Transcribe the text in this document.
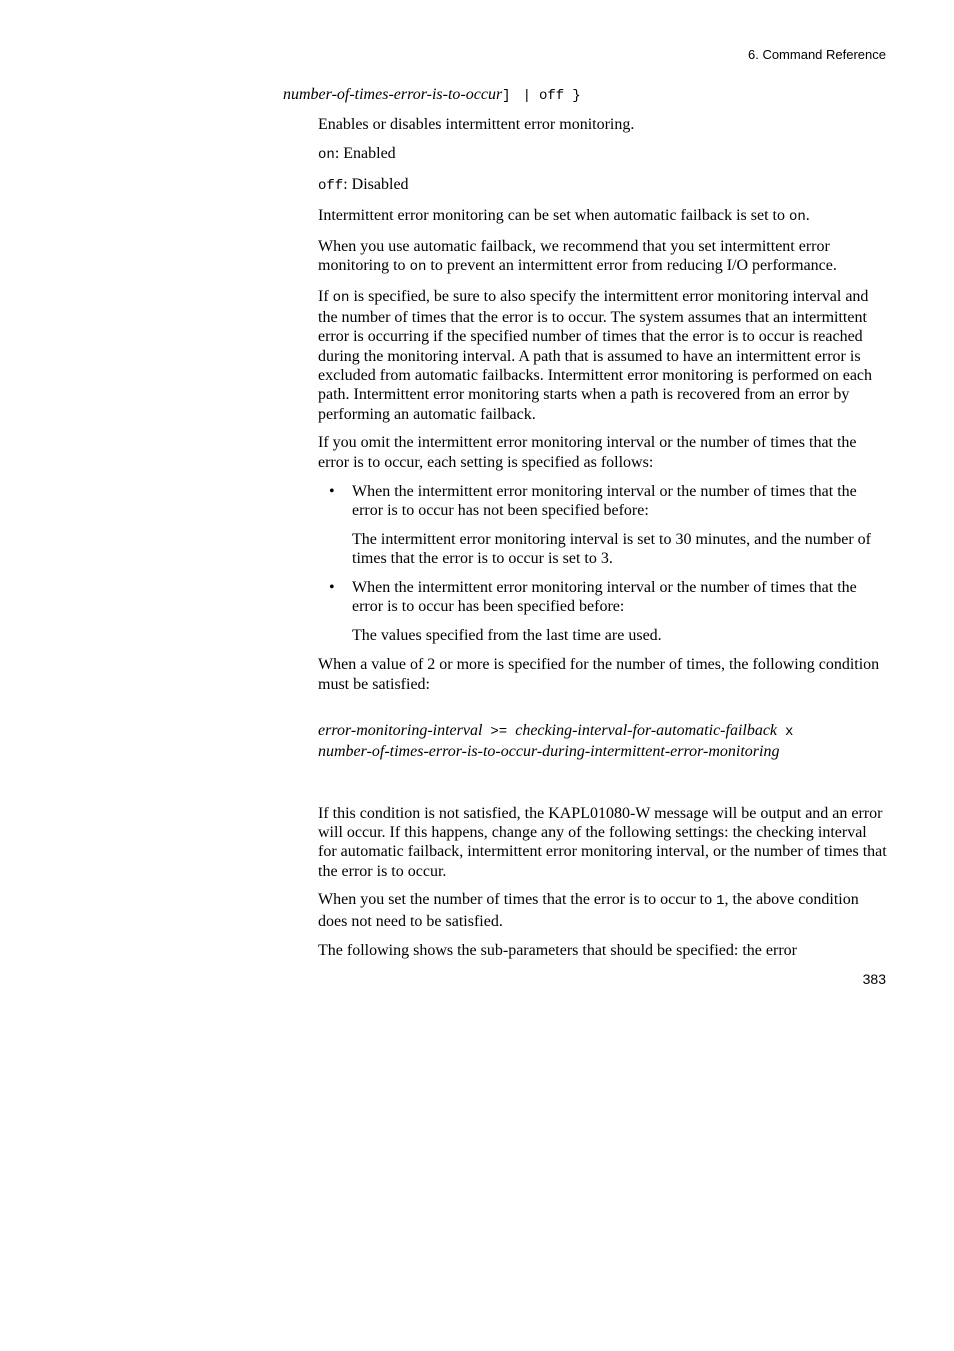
6. Command Reference
number-of-times-error-is-to-occur] | off }

Enables or disables intermittent error monitoring.

on: Enabled

off: Disabled

Intermittent error monitoring can be set when automatic failback is set to on.

When you use automatic failback, we recommend that you set intermittent error monitoring to on to prevent an intermittent error from reducing I/O performance.

If on is specified, be sure to also specify the intermittent error monitoring interval and the number of times that the error is to occur. The system assumes that an intermittent error is occurring if the specified number of times that the error is to occur is reached during the monitoring interval. A path that is assumed to have an intermittent error is excluded from automatic failbacks. Intermittent error monitoring is performed on each path. Intermittent error monitoring starts when a path is recovered from an error by performing an automatic failback.

If you omit the intermittent error monitoring interval or the number of times that the error is to occur, each setting is specified as follows:

• When the intermittent error monitoring interval or the number of times that the error is to occur has not been specified before:

The intermittent error monitoring interval is set to 30 minutes, and the number of times that the error is to occur is set to 3.

• When the intermittent error monitoring interval or the number of times that the error is to occur has been specified before:

The values specified from the last time are used.

When a value of 2 or more is specified for the number of times, the following condition must be satisfied:

error-monitoring-interval >= checking-interval-for-automatic-failback x
number-of-times-error-is-to-occur-during-intermittent-error-monitoring

If this condition is not satisfied, the KAPL01080-W message will be output and an error will occur. If this happens, change any of the following settings: the checking interval for automatic failback, intermittent error monitoring interval, or the number of times that the error is to occur.

When you set the number of times that the error is to occur to 1, the above condition does not need to be satisfied.

The following shows the sub-parameters that should be specified: the error

383
